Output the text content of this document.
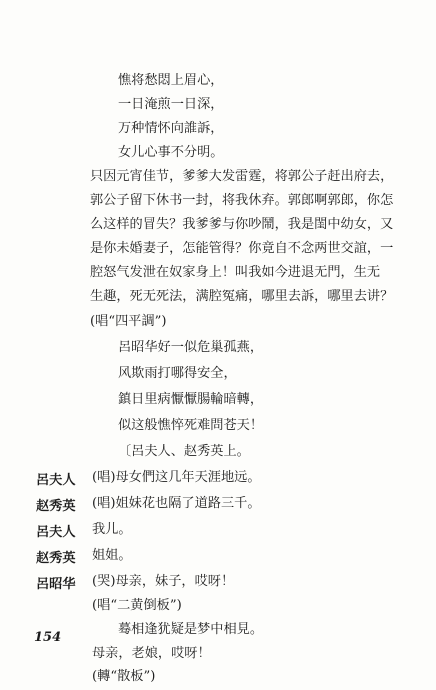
憔将愁悶上眉心，
一日淹煎一日深，
万种情怀向誰訴，
女儿心事不分明。
只因元宵佳节，爹爹大发雷霆，将郭公子赶出府去，
郭公子留下休书一封，将我休弃。郭郎啊郭郎，你怎
么这样的冒失？我爹爹与你吵鬧，我是閨中幼女，又
是你未婚妻子，怎能管得？你竟自不念两世交誼，一
腔怒气发泄在奴家身上！叫我如今进退无門，生无
生趣，死无死法，满腔冤痛，哪里去訴，哪里去讲？
(唱“四平調”)
呂昭华好一似危巢孤燕，
风欺雨打哪得安全，
鎮日里病懨懨腸輪暗轉，
似这般憔悴死难問苍天！
〔呂夫人、赵秀英上。
呂夫人 (唱)母女們这几年天涯地远。
赵秀英 (唱)姐妹花也隔了道路三千。
呂夫人 我儿。
赵秀英 姐姐。
呂昭华 (哭)母亲，妹子，哎呀！
(唱“二黄倒板”)
蓦相逢犹疑是梦中相見。
母亲，老娘，哎呀！
(轉“散板”)
154
